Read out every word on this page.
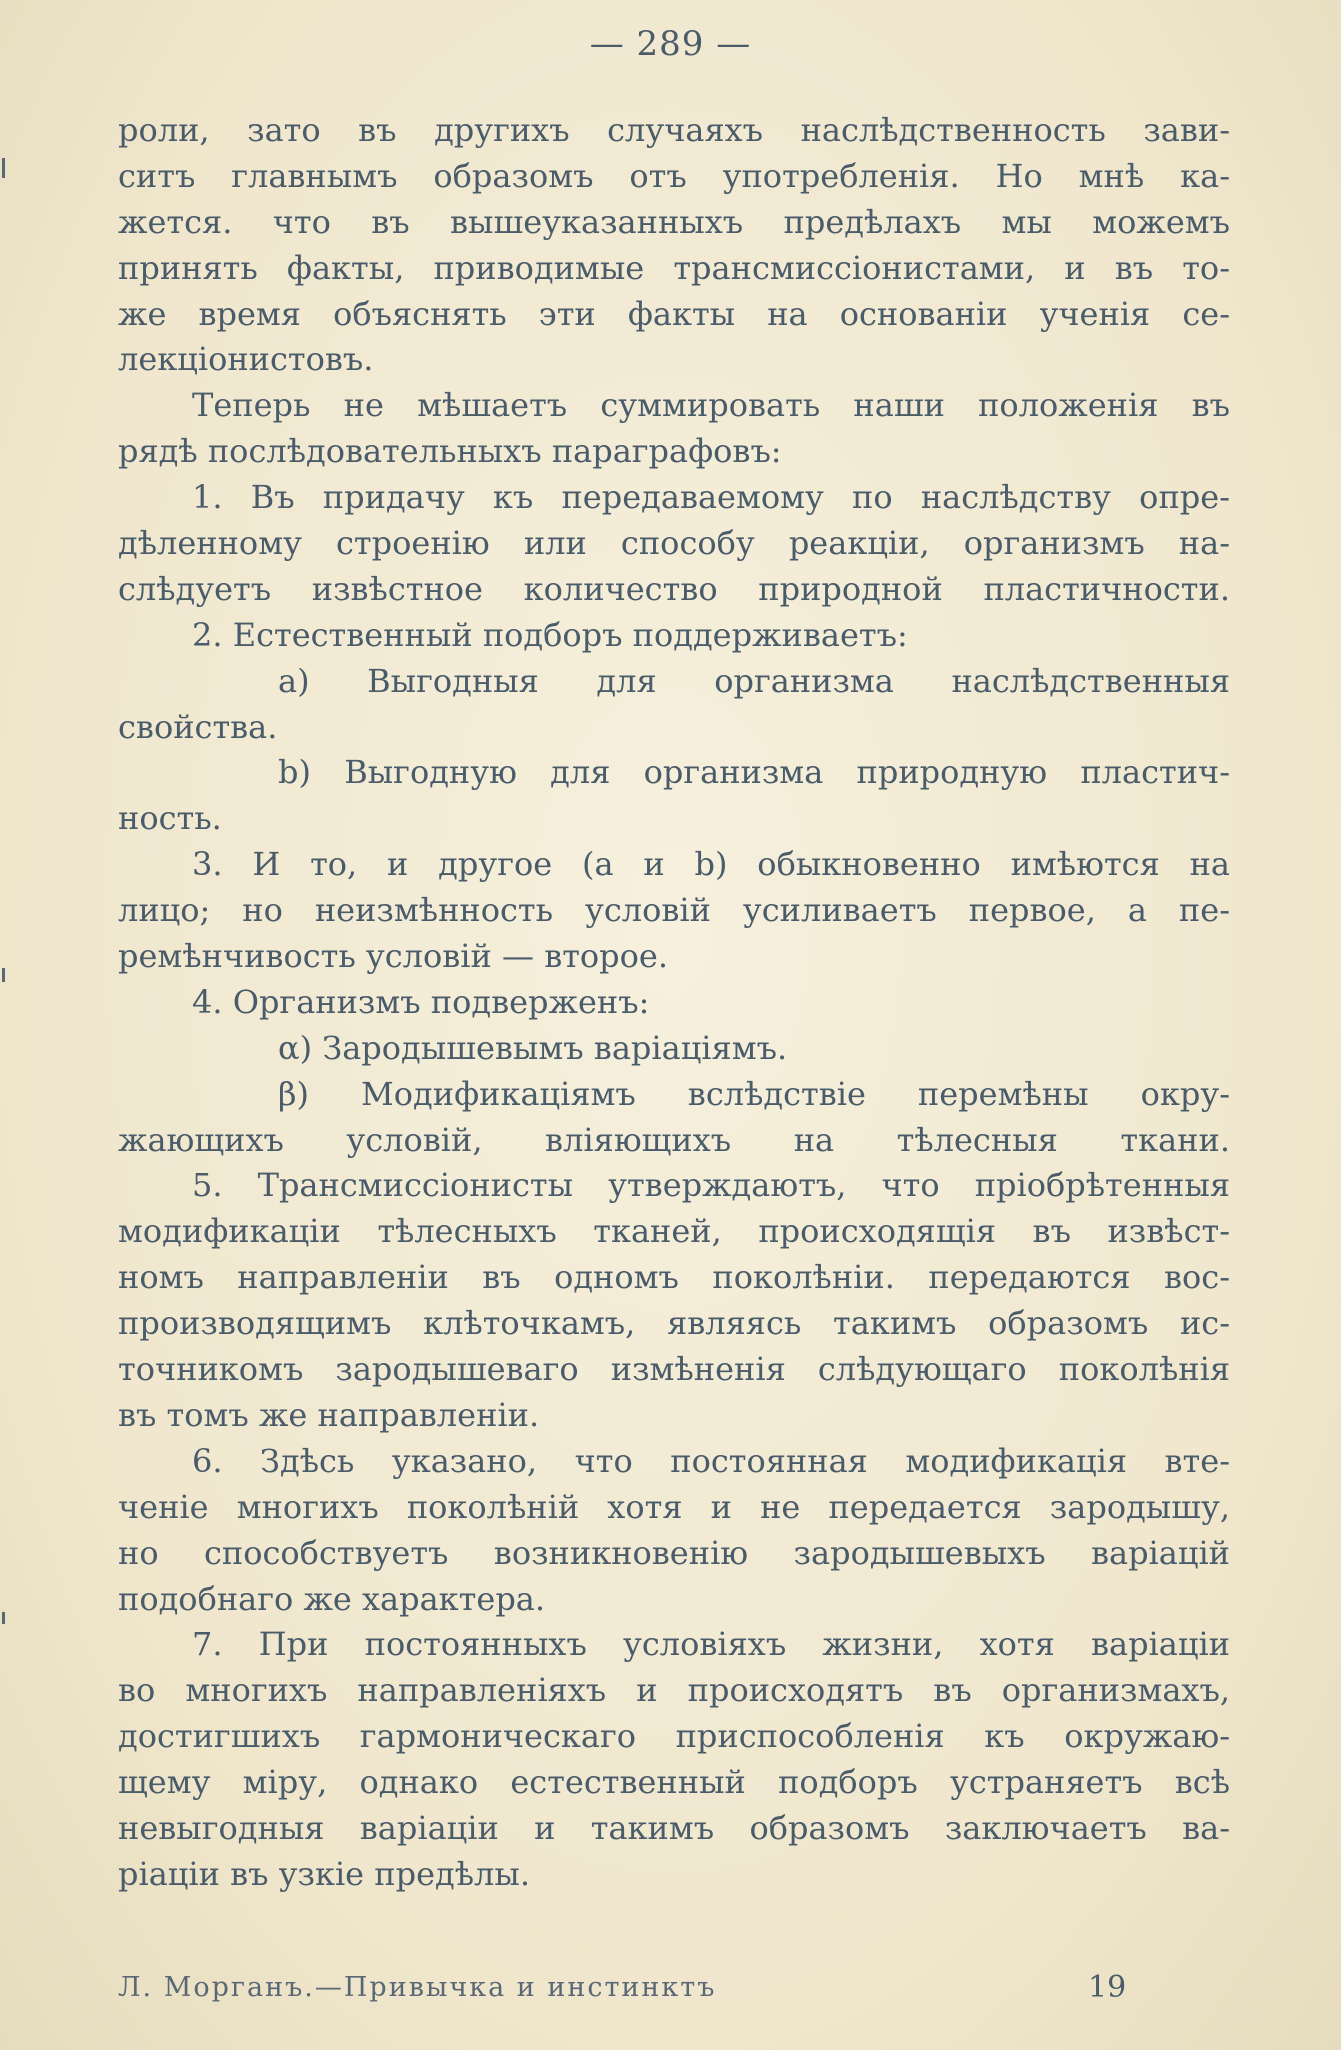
— 289 —
роли, зато въ другихъ случаяхъ наслѣдственность зави-
ситъ главнымъ образомъ отъ употребленія. Но мнѣ ка-
жется. что въ вышеуказанныхъ предѣлахъ мы можемъ
принять факты, приводимые трансмиссіонистами, и въ то-
же время объяснять эти факты на основаніи ученія се-
лекціонистовъ.
Теперь не мѣшаетъ суммировать наши положенія въ
рядѣ послѣдовательныхъ параграфовъ:
1. Въ придачу къ передаваемому по наслѣдству опре-
дѣленному строенію или способу реакціи, организмъ на-
слѣдуетъ извѣстное количество природной пластичности.
2. Естественный подборъ поддерживаетъ:
a) Выгодныя для организма наслѣдственныя
свойства.
b) Выгодную для организма природную пластич-
ность.
3. И то, и другое (a и b) обыкновенно имѣются на
лицо; но неизмѣнность условій усиливаетъ первое, а пе-
ремѣнчивость условій — второе.
4. Организмъ подверженъ:
α) Зародышевымъ варіаціямъ.
β) Модификаціямъ вслѣдствіе перемѣны окру-
жающихъ условій, вліяющихъ на тѣлесныя ткани.
5. Трансмиссіонисты утверждаютъ, что пріобрѣтенныя
модификаціи тѣлесныхъ тканей, происходящія въ извѣст-
номъ направленіи въ одномъ поколѣніи. передаются вос-
производящимъ клѣточкамъ, являясь такимъ образомъ ис-
точникомъ зародышеваго измѣненія слѣдующаго поколѣнія
въ томъ же направленіи.
6. Здѣсь указано, что постоянная модификація вте-
ченіе многихъ поколѣній хотя и не передается зародышу,
но способствуетъ возникновенію зародышевыхъ варіацій
подобнаго же характера.
7. При постоянныхъ условіяхъ жизни, хотя варіаціи
во многихъ направленіяхъ и происходятъ въ организмахъ,
достигшихъ гармоническаго приспособленія къ окружаю-
щему міру, однако естественный подборъ устраняетъ всѣ
невыгодныя варіаціи и такимъ образомъ заключаетъ ва-
ріаціи въ узкіе предѣлы.
Л. Морганъ.—Привычка и инстинктъ	19
